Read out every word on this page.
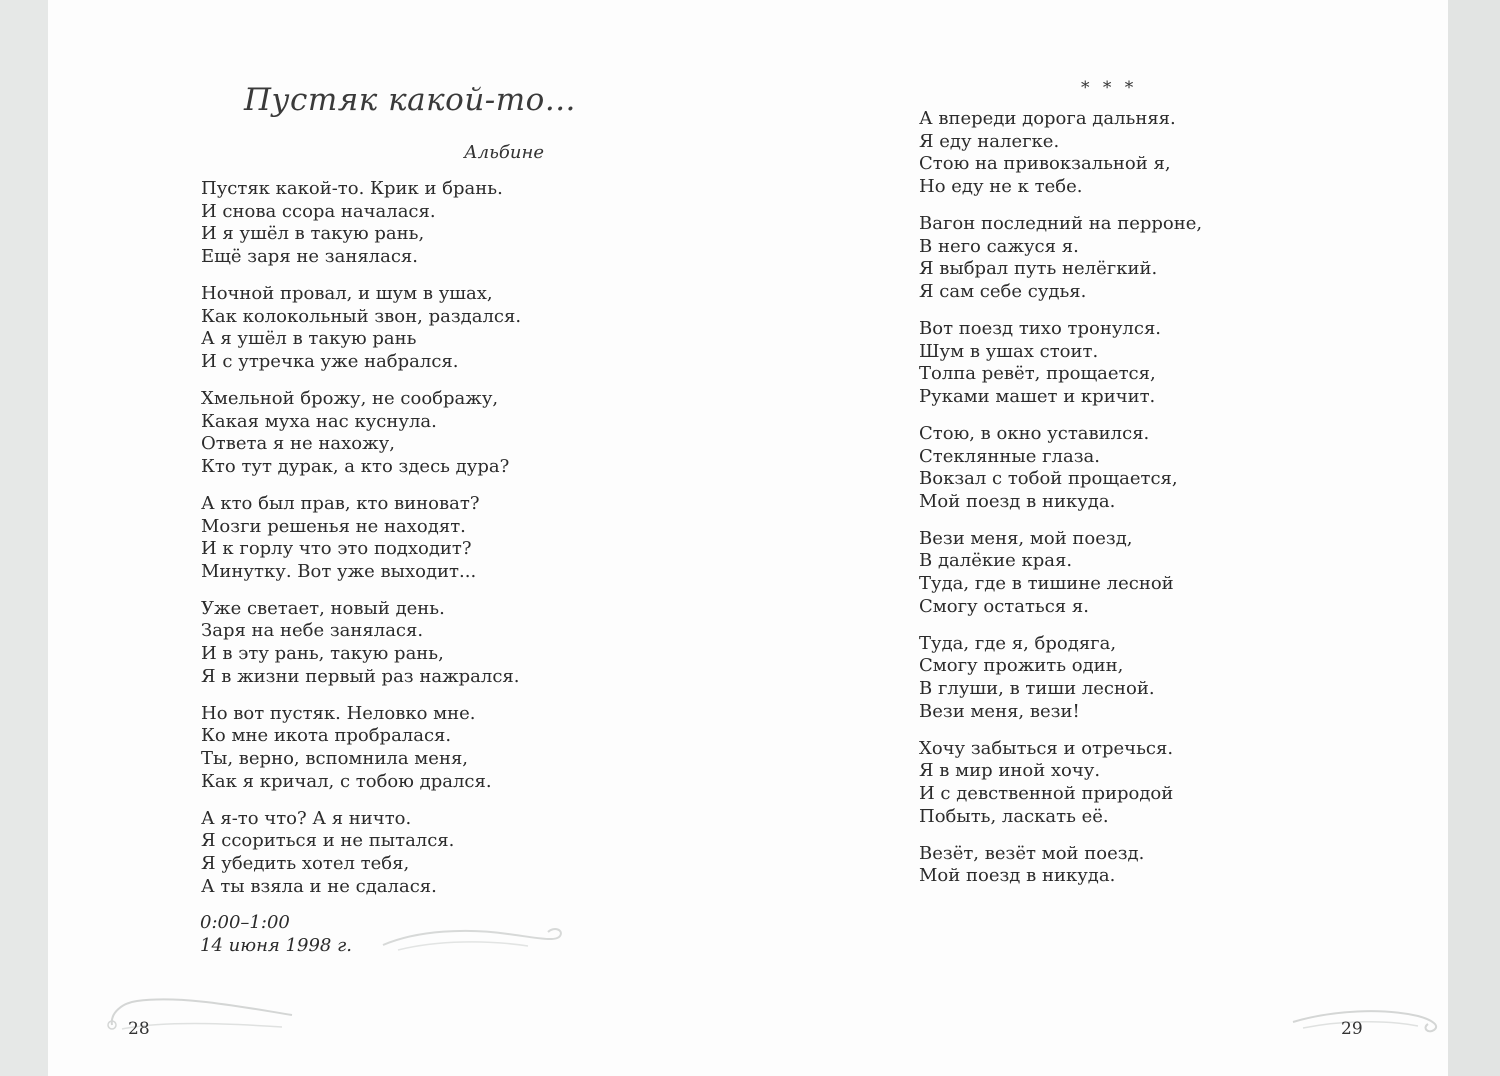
Пустяк какой-то...
Альбине
Пустяк какой-то. Крик и брань.
И снова ссора началася.
И я ушёл в такую рань,
Ещё заря не занялася.
Ночной провал, и шум в ушах,
Как колокольный звон, раздался.
А я ушёл в такую рань
И с утречка уже набрался.
Хмельной брожу, не соображу,
Какая муха нас куснула.
Ответа я не нахожу,
Кто тут дурак, а кто здесь дура?
А кто был прав, кто виноват?
Мозги решенья не находят.
И к горлу что это подходит?
Минутку. Вот уже выходит...
Уже светает, новый день.
Заря на небе занялася.
И в эту рань, такую рань,
Я в жизни первый раз нажрался.
Но вот пустяк. Неловко мне.
Ко мне икота пробралася.
Ты, верно, вспомнила меня,
Как я кричал, с тобою дрался.
А я-то что? А я ничто.
Я ссориться и не пытался.
Я убедить хотел тебя,
А ты взяла и не сдалася.
0:00–1:00
14 июня 1998 г.
28
* * *
А впереди дорога дальняя.
Я еду налегке.
Стою на привокзальной я,
Но еду не к тебе.
Вагон последний на перроне,
В него сажуся я.
Я выбрал путь нелёгкий.
Я сам себе судья.
Вот поезд тихо тронулся.
Шум в ушах стоит.
Толпа ревёт, прощается,
Руками машет и кричит.
Стою, в окно уставился.
Стеклянные глаза.
Вокзал с тобой прощается,
Мой поезд в никуда.
Вези меня, мой поезд,
В далёкие края.
Туда, где в тишине лесной
Смогу остаться я.
Туда, где я, бродяга,
Смогу прожить один,
В глуши, в тиши лесной.
Вези меня, вези!
Хочу забыться и отречься.
Я в мир иной хочу.
И с девственной природой
Побыть, ласкать её.
Везёт, везёт мой поезд.
Мой поезд в никуда.
29
